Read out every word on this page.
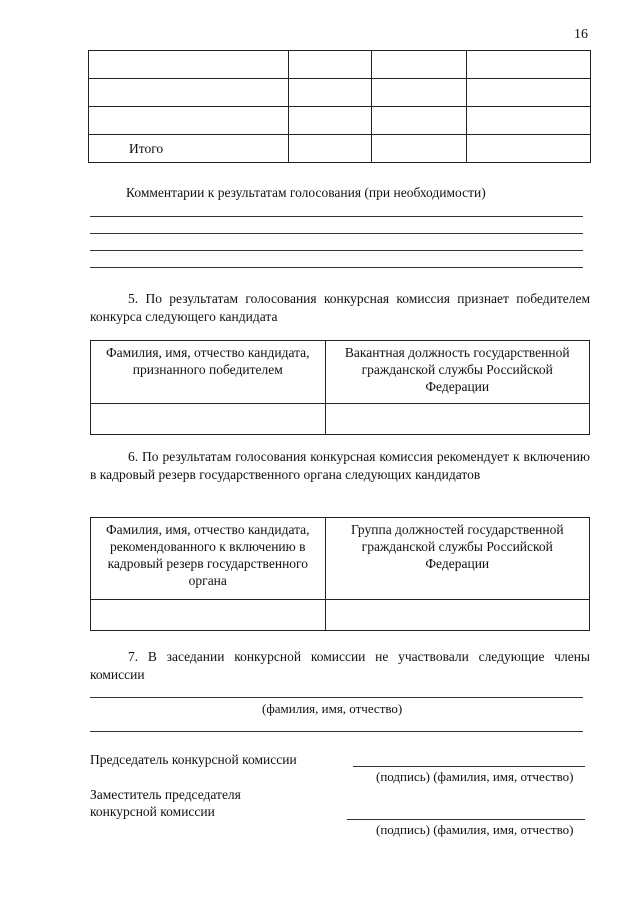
16

Итого			
Комментарии к результатам голосования (при необходимости)
5. По результатам голосования конкурсная комиссия признает победителем конкурса следующего кандидата
Фамилия, имя, отчество кандидата, признанного победителем	Вакантная должность государственной гражданской службы Российской Федерации

6. По результатам голосования конкурсная комиссия рекомендует к включению в кадровый резерв государственного органа следующих кандидатов
Фамилия, имя, отчество кандидата, рекомендованного к включению в кадровый резерв государственного органа	Группа должностей государственной гражданской службы Российской Федерации

7. В заседании конкурсной комиссии не участвовали следующие члены комиссии
(фамилия, имя, отчество)
Председатель конкурсной комиссии
(подпись) (фамилия, имя, отчество)
Заместитель председателя
конкурсной комиссии
(подпись) (фамилия, имя, отчество)
